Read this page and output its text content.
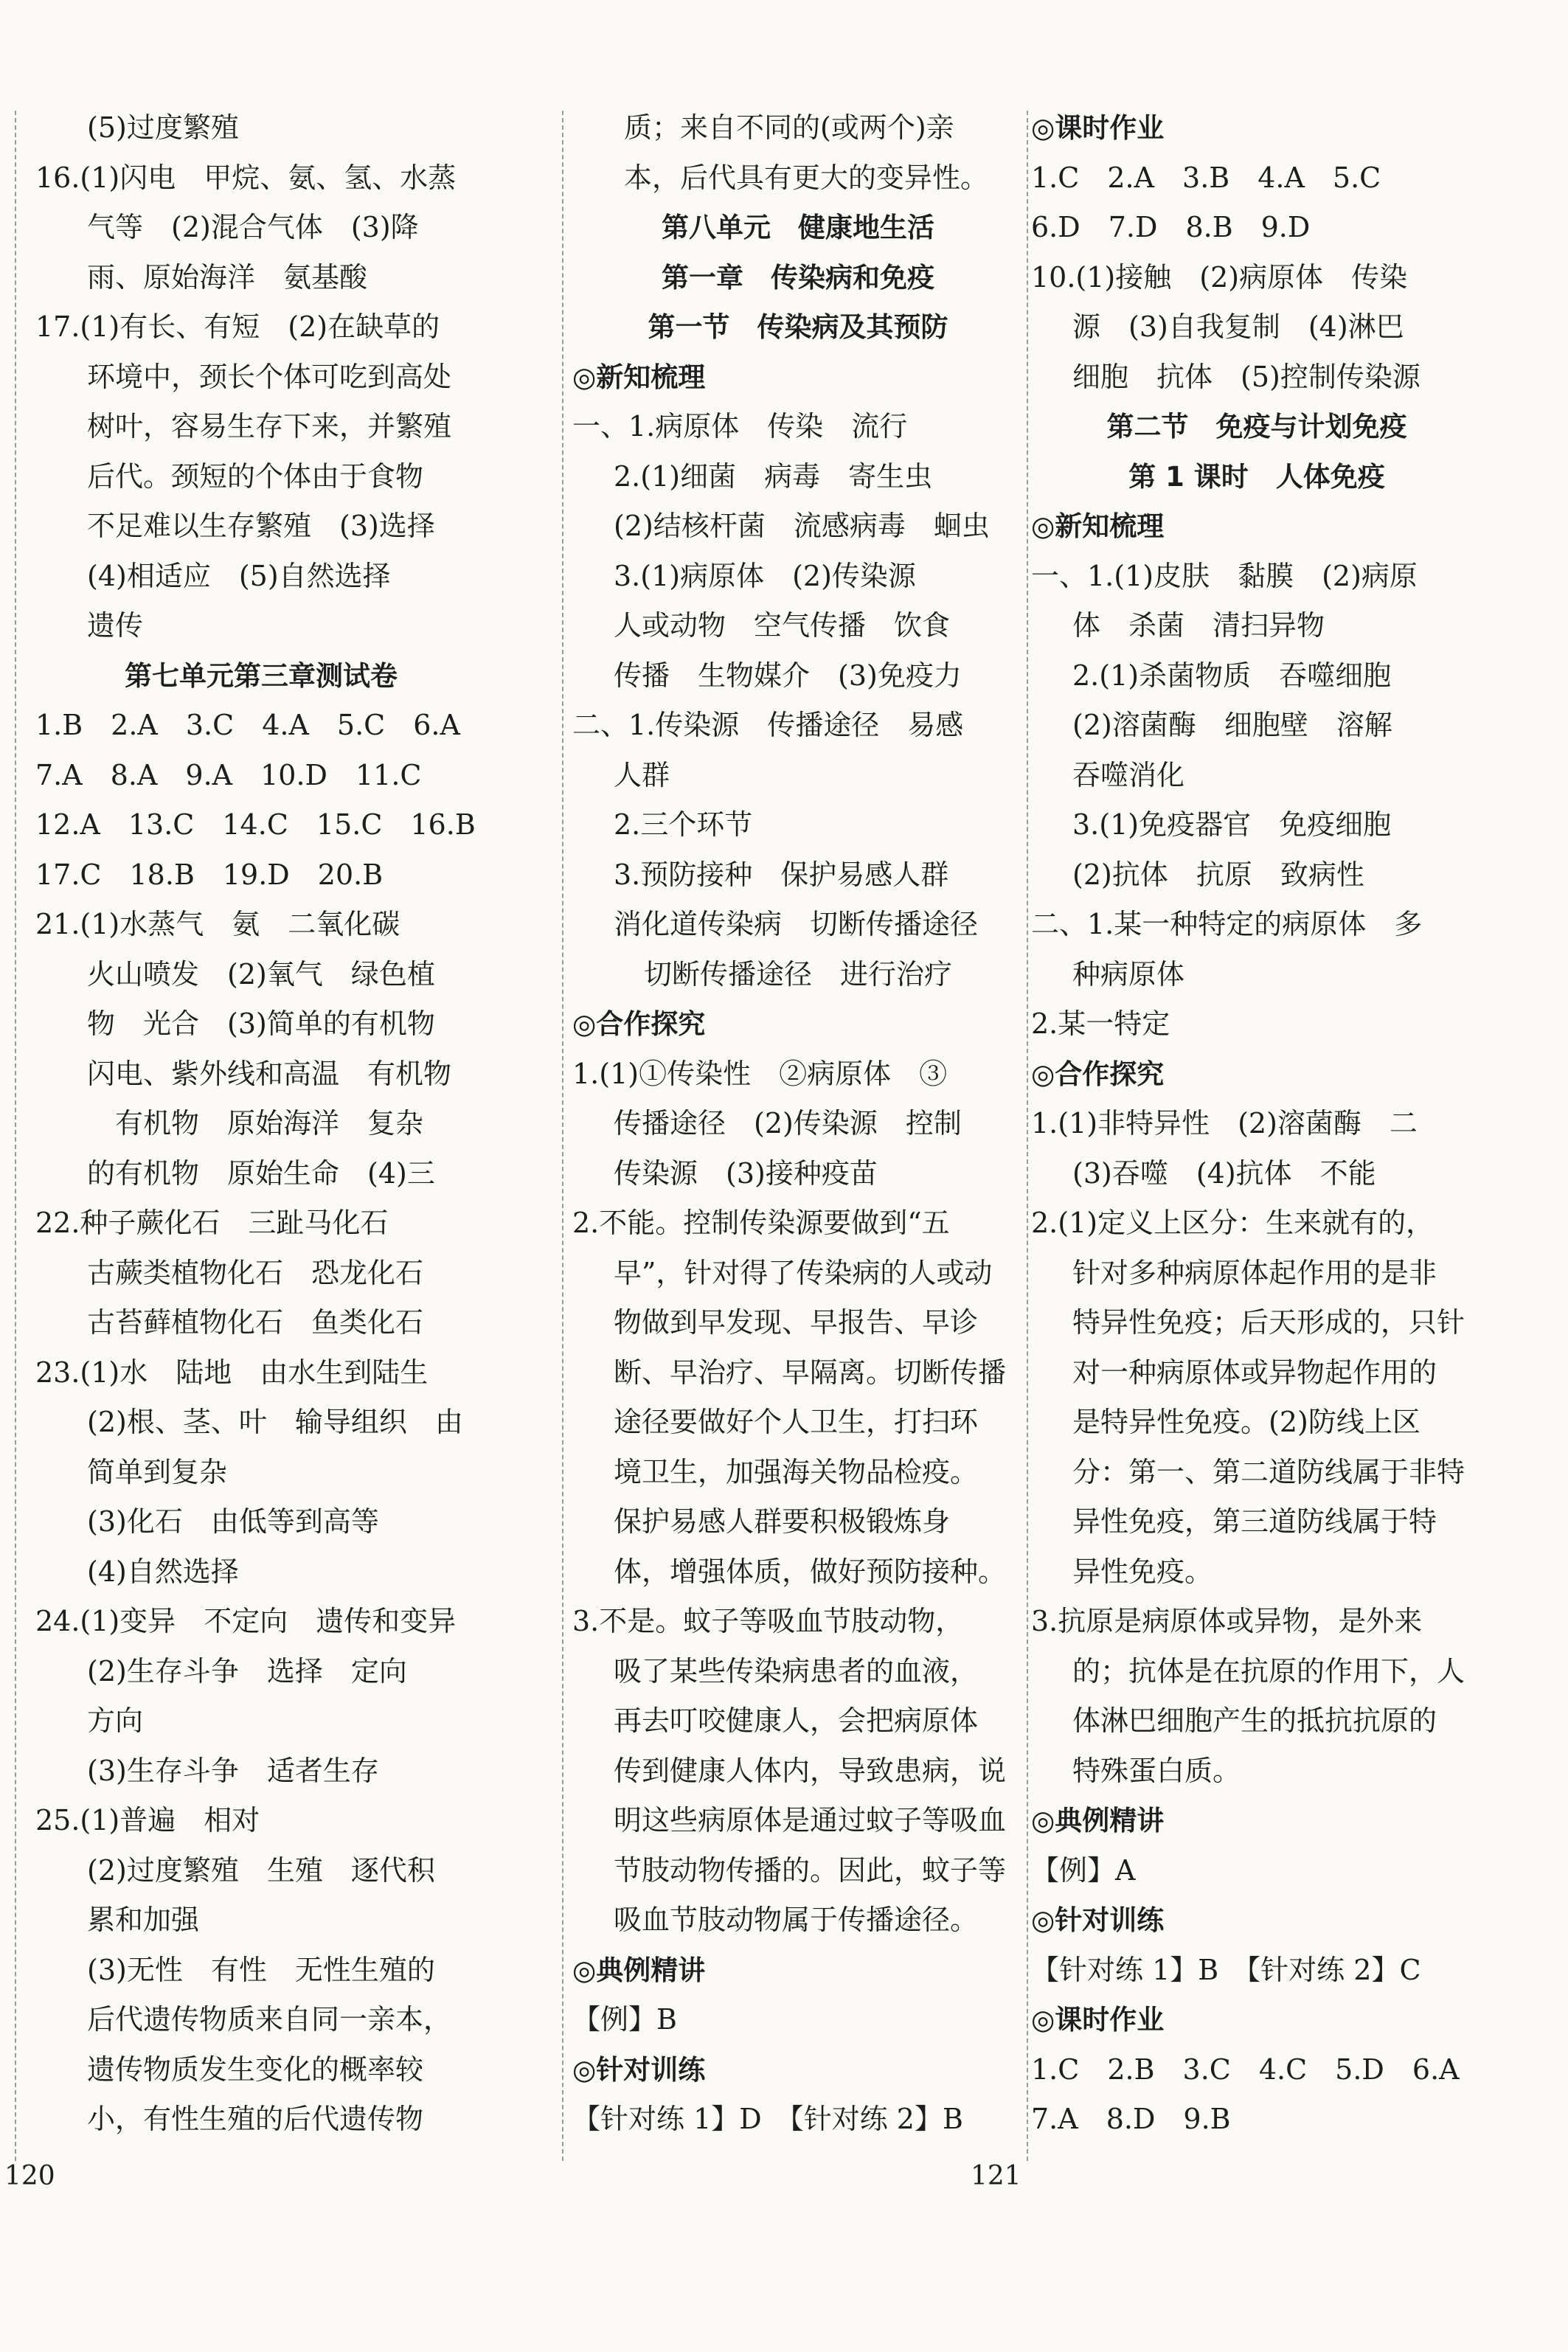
(5)过度繁殖
16.(1)闪电　甲烷、氨、氢、水蒸
气等　(2)混合气体　(3)降
雨、原始海洋　氨基酸
17.(1)有长、有短　(2)在缺草的
环境中，颈长个体可吃到高处
树叶，容易生存下来，并繁殖
后代。颈短的个体由于食物
不足难以生存繁殖　(3)选择
(4)相适应　(5)自然选择
遗传
第七单元第三章测试卷
1.B　2.A　3.C　4.A　5.C　6.A
7.A　8.A　9.A　10.D　11.C
12.A　13.C　14.C　15.C　16.B
17.C　18.B　19.D　20.B
21.(1)水蒸气　氨　二氧化碳
火山喷发　(2)氧气　绿色植
物　光合　(3)简单的有机物
闪电、紫外线和高温　有机物
　有机物　原始海洋　复杂
的有机物　原始生命　(4)三
22.种子蕨化石　三趾马化石
古蕨类植物化石　恐龙化石
古苔藓植物化石　鱼类化石
23.(1)水　陆地　由水生到陆生
(2)根、茎、叶　输导组织　由
简单到复杂
(3)化石　由低等到高等
(4)自然选择
24.(1)变异　不定向　遗传和变异
(2)生存斗争　选择　定向
方向
(3)生存斗争　适者生存
25.(1)普遍　相对
(2)过度繁殖　生殖　逐代积
累和加强
(3)无性　有性　无性生殖的
后代遗传物质来自同一亲本，
遗传物质发生变化的概率较
小，有性生殖的后代遗传物
质；来自不同的(或两个)亲
本，后代具有更大的变异性。
第八单元　健康地生活
第一章　传染病和免疫
第一节　传染病及其预防
◎新知梳理
一、1.病原体　传染　流行
2.(1)细菌　病毒　寄生虫
(2)结核杆菌　流感病毒　蛔虫
3.(1)病原体　(2)传染源
人或动物　空气传播　饮食
传播　生物媒介　(3)免疫力
二、1.传染源　传播途径　易感
人群
2.三个环节
3.预防接种　保护易感人群
消化道传染病　切断传播途径
切断传播途径　进行治疗
◎合作探究
1.(1)①传染性　②病原体　③
传播途径　(2)传染源　控制
传染源　(3)接种疫苗
2.不能。控制传染源要做到“五
早”，针对得了传染病的人或动
物做到早发现、早报告、早诊
断、早治疗、早隔离。切断传播
途径要做好个人卫生，打扫环
境卫生，加强海关物品检疫。
保护易感人群要积极锻炼身
体，增强体质，做好预防接种。
3.不是。蚊子等吸血节肢动物，
吸了某些传染病患者的血液，
再去叮咬健康人，会把病原体
传到健康人体内，导致患病，说
明这些病原体是通过蚊子等吸血
节肢动物传播的。因此，蚊子等
吸血节肢动物属于传播途径。
◎典例精讲
【例】B
◎针对训练
【针对练 1】D　【针对练 2】B
◎课时作业
1.C　2.A　3.B　4.A　5.C
6.D　7.D　8.B　9.D
10.(1)接触　(2)病原体　传染
源　(3)自我复制　(4)淋巴
细胞　抗体　(5)控制传染源
第二节　免疫与计划免疫
第 1 课时　人体免疫
◎新知梳理
一、1.(1)皮肤　黏膜　(2)病原
体　杀菌　清扫异物
2.(1)杀菌物质　吞噬细胞
(2)溶菌酶　细胞壁　溶解
吞噬消化
3.(1)免疫器官　免疫细胞
(2)抗体　抗原　致病性
二、1.某一种特定的病原体　多
种病原体
2.某一特定
◎合作探究
1.(1)非特异性　(2)溶菌酶　二
(3)吞噬　(4)抗体　不能
2.(1)定义上区分：生来就有的，
针对多种病原体起作用的是非
特异性免疫；后天形成的，只针
对一种病原体或异物起作用的
是特异性免疫。(2)防线上区
分：第一、第二道防线属于非特
异性免疫，第三道防线属于特
异性免疫。
3.抗原是病原体或异物，是外来
的；抗体是在抗原的作用下，人
体淋巴细胞产生的抵抗抗原的
特殊蛋白质。
◎典例精讲
【例】A
◎针对训练
【针对练 1】B　【针对练 2】C
◎课时作业
1.C　2.B　3.C　4.C　5.D　6.A
7.A　8.D　9.B
120	121
